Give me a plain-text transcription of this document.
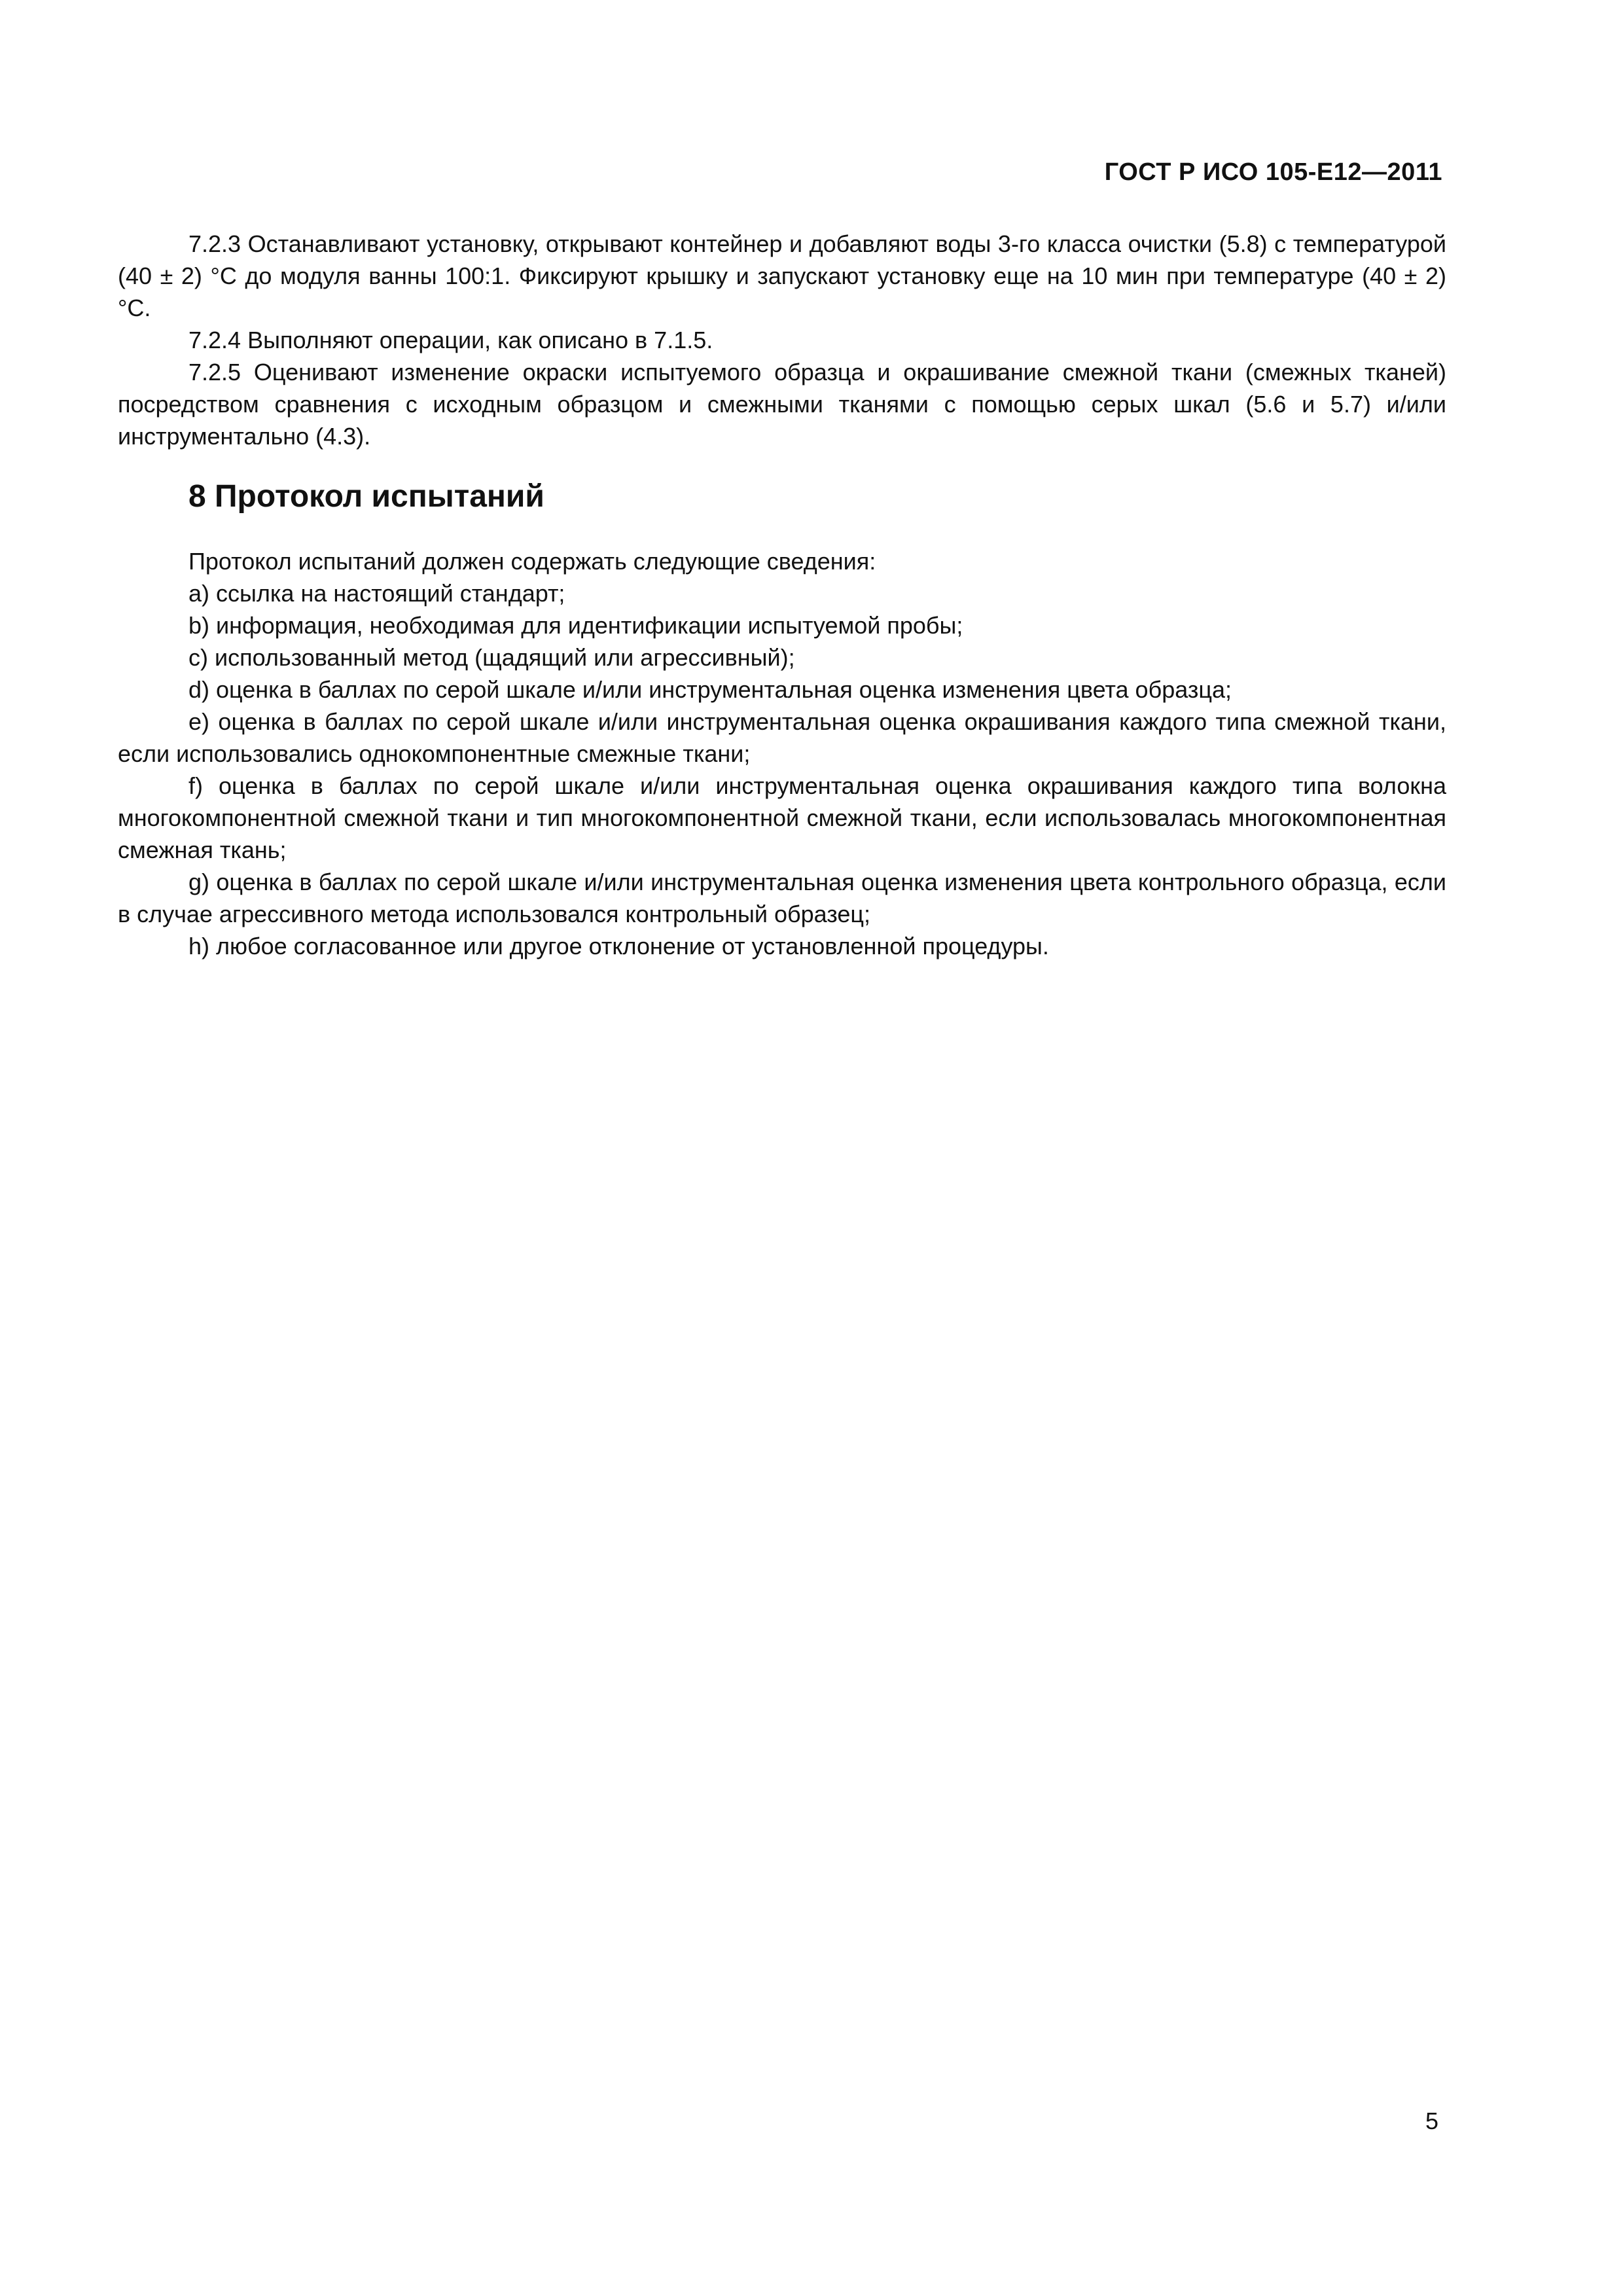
ГОСТ Р ИСО 105-E12—2011

7.2.3 Останавливают установку, открывают контейнер и добавляют воды 3-го класса очистки (5.8) с температурой (40 ± 2) °С до модуля ванны 100:1. Фиксируют крышку и запускают установку еще на 10 мин при температуре (40 ± 2) °С.

7.2.4 Выполняют операции, как описано в 7.1.5.

7.2.5 Оценивают изменение окраски испытуемого образца и окрашивание смежной ткани (смежных тканей) посредством сравнения с исходным образцом и смежными тканями с помощью серых шкал (5.6 и 5.7) и/или инструментально (4.3).

8 Протокол испытаний

Протокол испытаний должен содержать следующие сведения:

a) ссылка на настоящий стандарт;

b) информация, необходимая для идентификации испытуемой пробы;

c) использованный метод (щадящий или агрессивный);

d) оценка в баллах по серой шкале и/или инструментальная оценка изменения цвета образца;

e) оценка в баллах по серой шкале и/или инструментальная оценка окрашивания каждого типа смежной ткани, если использовались однокомпонентные смежные ткани;

f) оценка в баллах по серой шкале и/или инструментальная оценка окрашивания каждого типа волокна многокомпонентной смежной ткани и тип многокомпонентной смежной ткани, если использовалась многокомпонентная смежная ткань;

g) оценка в баллах по серой шкале и/или инструментальная оценка изменения цвета контрольного образца, если в случае агрессивного метода использовался контрольный образец;

h) любое согласованное или другое отклонение от установленной процедуры.

5
